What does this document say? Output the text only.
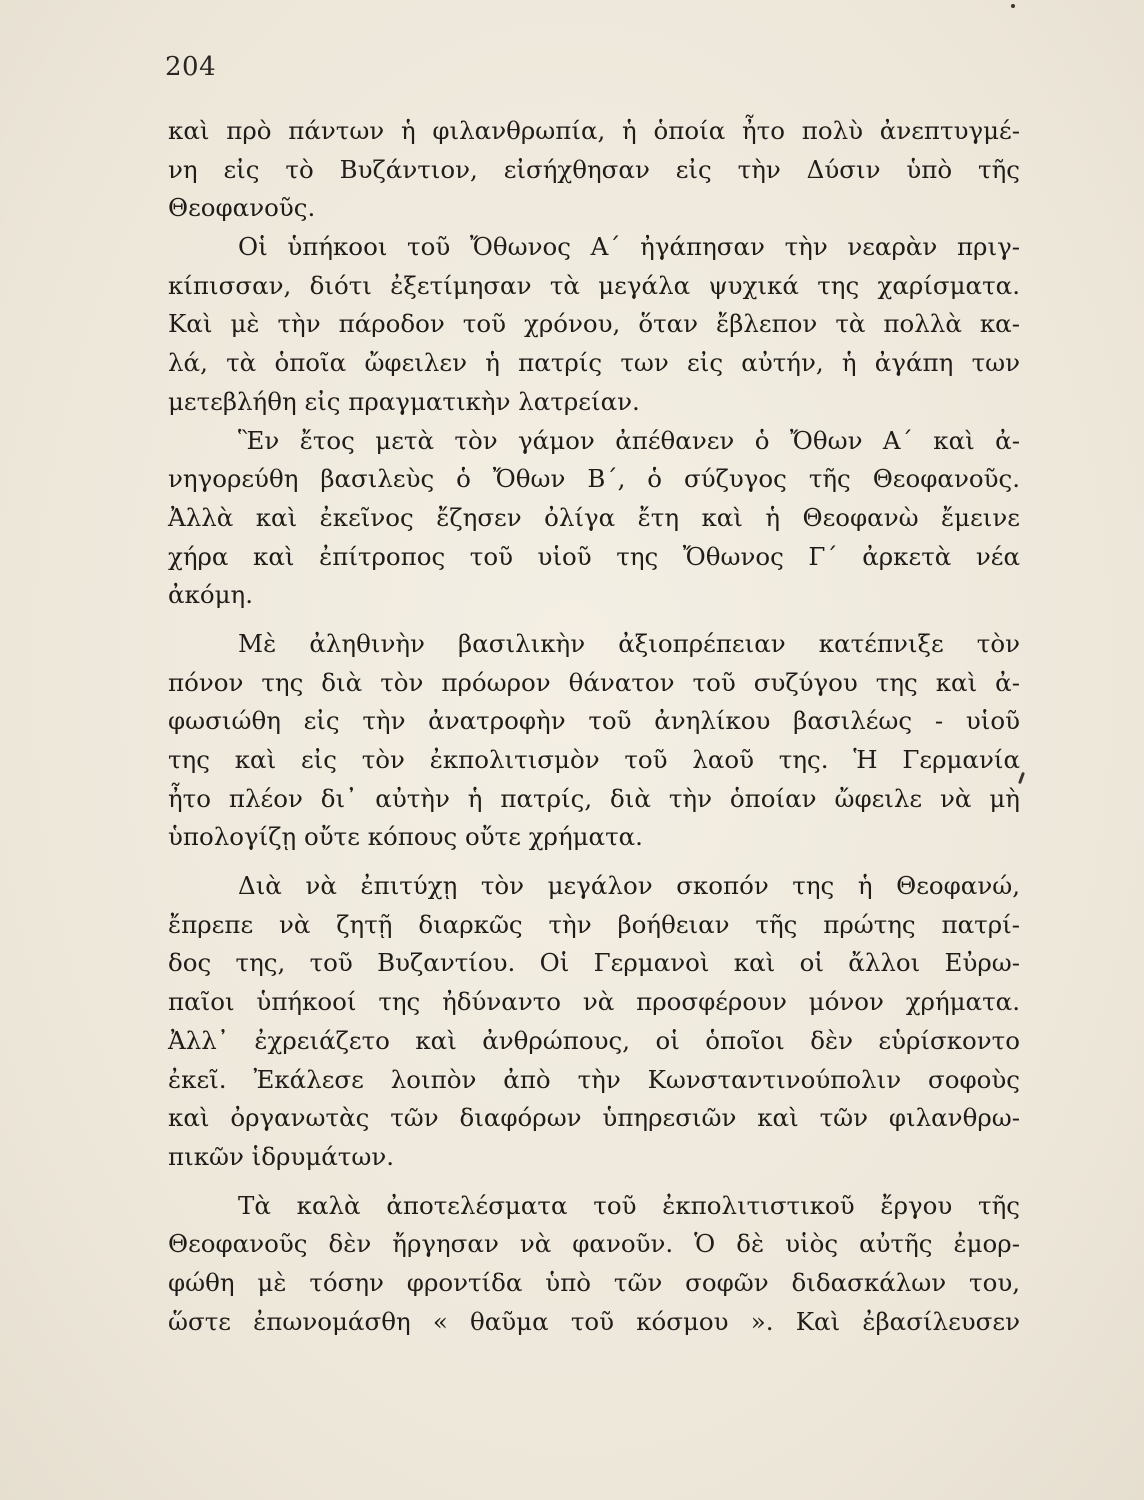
204
καὶ πρὸ πάντων ἡ φιλανθρωπία, ἡ ὁποία ἦτο πολὺ ἀνεπτυγμέ-
νη εἰς τὸ Βυζάντιον, εἰσήχθησαν εἰς τὴν Δύσιν ὑπὸ τῆς
Θεοφανοῦς.
Οἱ ὑπήκοοι τοῦ Ὄθωνος Α΄ ἠγάπησαν τὴν νεαρὰν πριγ-
κίπισσαν, διότι ἐξετίμησαν τὰ μεγάλα ψυχικά της χαρίσματα.
Καὶ μὲ τὴν πάροδον τοῦ χρόνου, ὅταν ἔβλεπον τὰ πολλὰ κα-
λά, τὰ ὁποῖα ὤφειλεν ἡ πατρίς των εἰς αὐτήν, ἡ ἀγάπη των
μετεβλήθη εἰς πραγματικὴν λατρείαν.
Ἓν ἔτος μετὰ τὸν γάμον ἀπέθανεν ὁ Ὄθων Α΄ καὶ ἀ-
νηγορεύθη βασιλεὺς ὁ Ὄθων Β΄, ὁ σύζυγος τῆς Θεοφανοῦς.
Ἀλλὰ καὶ ἐκεῖνος ἔζησεν ὀλίγα ἔτη καὶ ἡ Θεοφανὼ ἔμεινε
χήρα καὶ ἐπίτροπος τοῦ υἱοῦ της Ὄθωνος Γ΄ ἀρκετὰ νέα
ἀκόμη.
Μὲ ἀληθινὴν βασιλικὴν ἀξιοπρέπειαν κατέπνιξε τὸν
πόνον της διὰ τὸν πρόωρον θάνατον τοῦ συζύγου της καὶ ἀ-
φωσιώθη εἰς τὴν ἀνατροφὴν τοῦ ἀνηλίκου βασιλέως - υἱοῦ
της καὶ εἰς τὸν ἐκπολιτισμὸν τοῦ λαοῦ της. Ἡ Γερμανία
ἦτο πλέον δι᾽ αὐτὴν ἡ πατρίς, διὰ τὴν ὁποίαν ὤφειλε νὰ μὴ
ὑπολογίζῃ οὔτε κόπους οὔτε χρήματα.
Διὰ νὰ ἐπιτύχῃ τὸν μεγάλον σκοπόν της ἡ Θεοφανώ,
ἔπρεπε νὰ ζητῇ διαρκῶς τὴν βοήθειαν τῆς πρώτης πατρί-
δος της, τοῦ Βυζαντίου. Οἱ Γερμανοὶ καὶ οἱ ἄλλοι Εὐρω-
παῖοι ὑπήκοοί της ἠδύναντο νὰ προσφέρουν μόνον χρήματα.
Ἀλλ᾽ ἐχρειάζετο καὶ ἀνθρώπους, οἱ ὁποῖοι δὲν εὑρίσκοντο
ἐκεῖ. Ἐκάλεσε λοιπὸν ἀπὸ τὴν Κωνσταντινούπολιν σοφοὺς
καὶ ὀργανωτὰς τῶν διαφόρων ὑπηρεσιῶν καὶ τῶν φιλανθρω-
πικῶν ἱδρυμάτων.
Τὰ καλὰ ἀποτελέσματα τοῦ ἐκπολιτιστικοῦ ἔργου τῆς
Θεοφανοῦς δὲν ἤργησαν νὰ φανοῦν. Ὁ δὲ υἱὸς αὐτῆς ἐμορ-
φώθη μὲ τόσην φροντίδα ὑπὸ τῶν σοφῶν διδασκάλων του,
ὥστε ἐπωνομάσθη « θαῦμα τοῦ κόσμου ». Καὶ ἐβασίλευσεν
